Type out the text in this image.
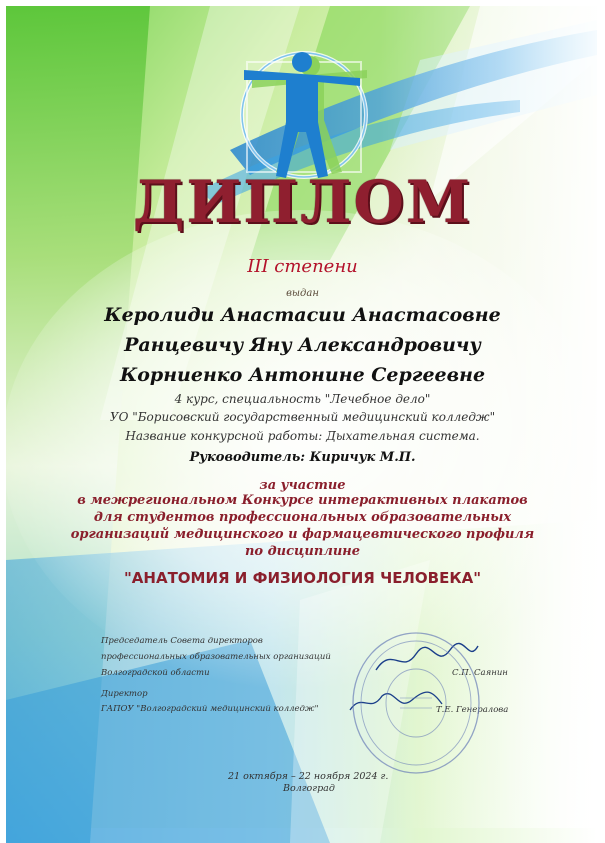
ДИПЛОМ
III степени
выдан
Керолиди Анастасии Анастасовне
Ранцевичу Яну Александровичу
Корниенко Антонине Сергеевне
4 курс, специальность "Лечебное дело"
УО "Борисовский государственный медицинский колледж"
Название конкурсной работы: Дыхательная система.
Руководитель: Киричук М.П.
за участие
в межрегиональном Конкурсе интерактивных плакатов
для студентов профессиональных образовательных
организаций медицинского и фармацевтического профиля
по дисциплине
"АНАТОМИЯ И ФИЗИОЛОГИЯ ЧЕЛОВЕКА"
Председатель Совета директоров
профессиональных образовательных организаций
Волгоградской области	С.П. Саянин
Директор
ГАПОУ "Волгоградский медицинский колледж"	Т.Е. Генералова
21 октября – 22 ноября 2024 г.
Волгоград
